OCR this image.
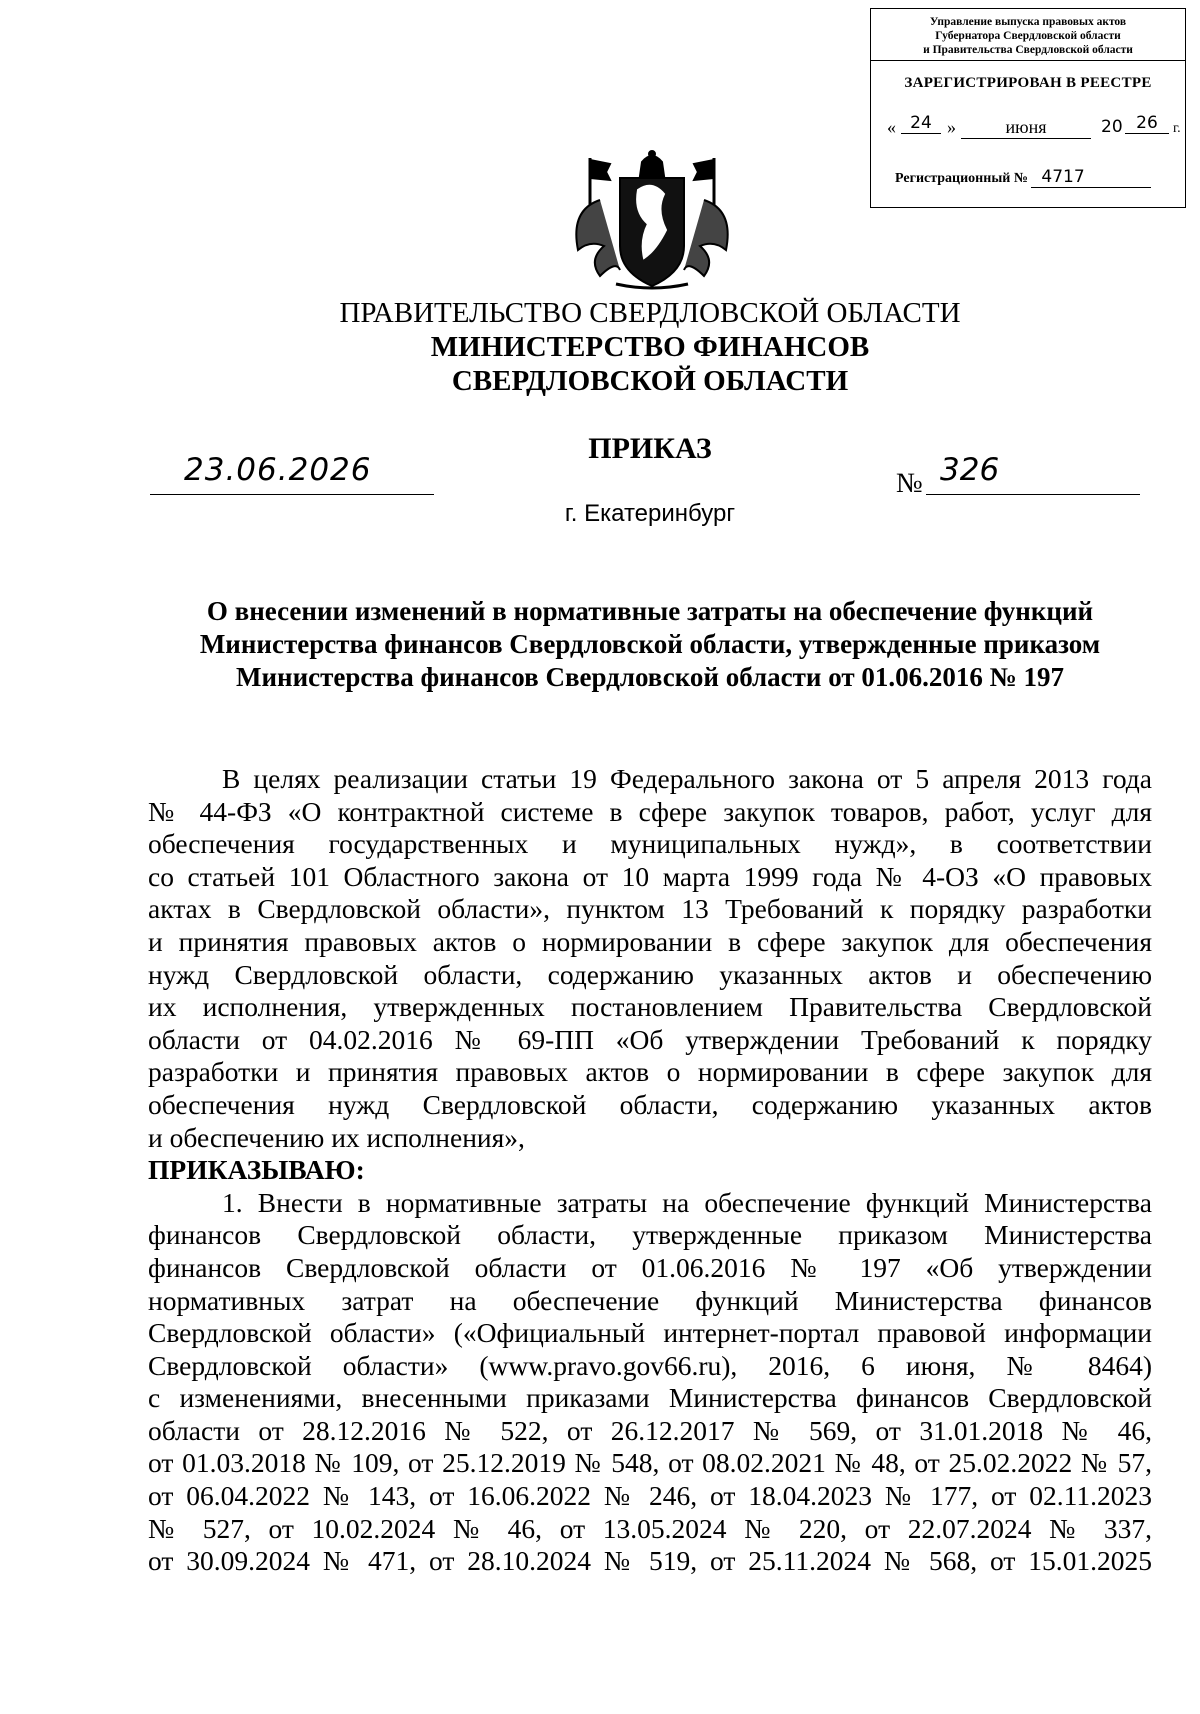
Управление выпуска правовых актов
Губернатора Свердловской области
и Правительства Свердловской области
ЗАРЕГИСТРИРОВАН В РЕЕСТРЕ
« 24 »	июня	20 26	г.
Регистрационный № 4717
ПРАВИТЕЛЬСТВО СВЕРДЛОВСКОЙ ОБЛАСТИ
МИНИСТЕРСТВО ФИНАНСОВ
СВЕРДЛОВСКОЙ ОБЛАСТИ
ПРИКАЗ
23.06.2026	№ 326
г. Екатеринбург
О внесении изменений в нормативные затраты на обеспечение функций
Министерства финансов Свердловской области, утвержденные приказом
Министерства финансов Свердловской области от 01.06.2016 № 197
В целях реализации статьи 19 Федерального закона от 5 апреля 2013 года
№ 44-ФЗ «О контрактной системе в сфере закупок товаров, работ, услуг для
обеспечения государственных и муниципальных нужд», в соответствии
со статьей 101 Областного закона от 10 марта 1999 года № 4-ОЗ «О правовых
актах в Свердловской области», пунктом 13 Требований к порядку разработки
и принятия правовых актов о нормировании в сфере закупок для обеспечения
нужд Свердловской области, содержанию указанных актов и обеспечению
их исполнения, утвержденных постановлением Правительства Свердловской
области от 04.02.2016 № 69-ПП «Об утверждении Требований к порядку
разработки и принятия правовых актов о нормировании в сфере закупок для
обеспечения нужд Свердловской области, содержанию указанных актов
и обеспечению их исполнения»,
ПРИКАЗЫВАЮ:
1. Внести в нормативные затраты на обеспечение функций Министерства
финансов Свердловской области, утвержденные приказом Министерства
финансов Свердловской области от 01.06.2016 № 197 «Об утверждении
нормативных затрат на обеспечение функций Министерства финансов
Свердловской области» («Официальный интернет-портал правовой информации
Свердловской области» (www.pravo.gov66.ru), 2016, 6 июня, № 8464)
с изменениями, внесенными приказами Министерства финансов Свердловской
области от 28.12.2016 № 522, от 26.12.2017 № 569, от 31.01.2018 № 46,
от 01.03.2018 № 109, от 25.12.2019 № 548, от 08.02.2021 № 48, от 25.02.2022 № 57,
от 06.04.2022 № 143, от 16.06.2022 № 246, от 18.04.2023 № 177, от 02.11.2023
№ 527, от 10.02.2024 № 46, от 13.05.2024 № 220, от 22.07.2024 № 337,
от 30.09.2024 № 471, от 28.10.2024 № 519, от 25.11.2024 № 568, от 15.01.2025
